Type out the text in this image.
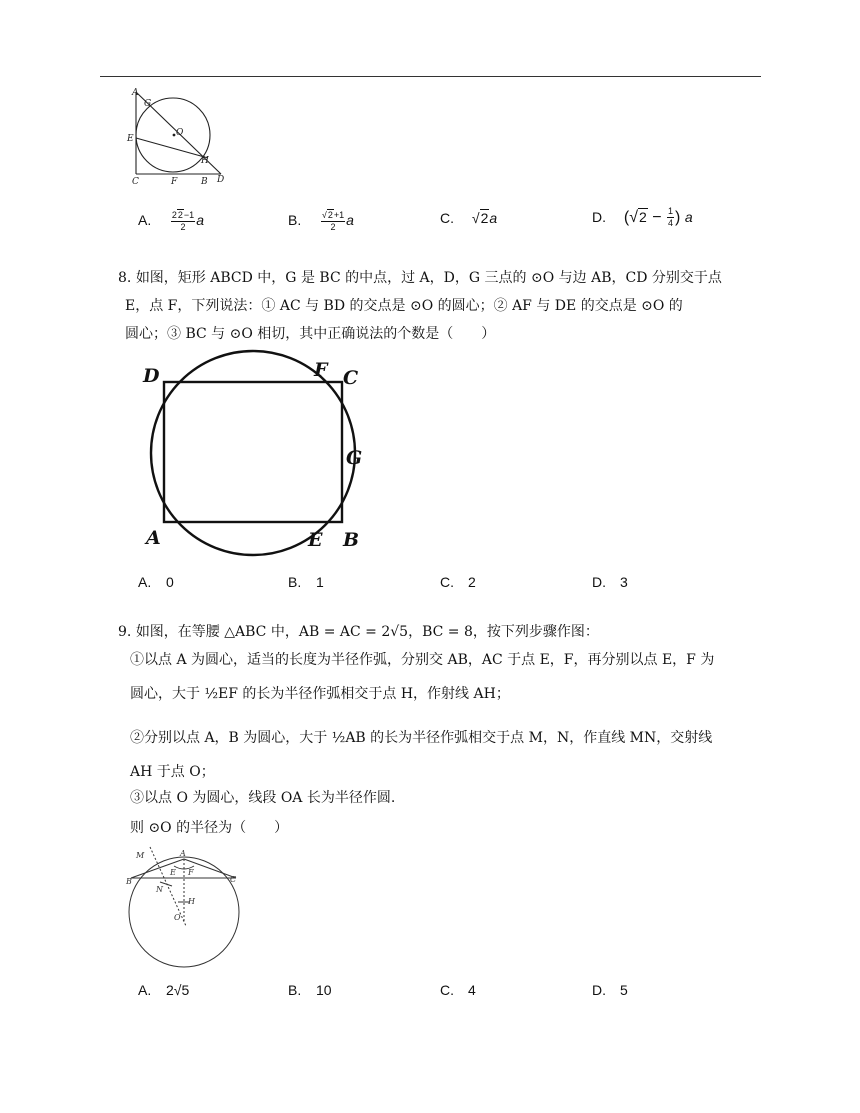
A
G
O
E
H
C	F	B D
A. $\frac{22-1}{2}$ a	B. $\frac{√2+1}{2}$ a	C. √2a	D. ($√2 - \frac{1}{4}$ ) a
8. 如图，矩形 ABCD 中，G 是 BC 的中点，过 A，D，G 三点的 ⊙O 与边 AB，CD 分别交于点
E，点 F，下列说法：① AC 与 BD 的交点是 ⊙O 的圆心；② AF 与 DE 的交点是 ⊙O 的
圆心；③ BC 与 ⊙O 相切，其中正确说法的个数是（　　）
D	F C
G
A	E B
A. 0	B. 1	C. 2	D. 3
9. 如图，在等腰 △ABC 中，AB = AC = 2√5，BC = 8，按下列步骤作图：
①以点 A 为圆心，适当的长度为半径作弧，分别交 AB，AC 于点 E，F，再分别以点 E，F 为
圆心，大于 ½EF 的长为半径作弧相交于点 H，作射线 AH；
②分别以点 A，B 为圆心，大于 ½AB 的长为半径作弧相交于点 M，N，作直线 MN，交射线
AH 于点 O；
③以点 O 为圆心，线段 OA 长为半径作圆.
则 ⊙O 的半径为（　　）
M	A
B	C
E F
N
H
O
A. 2√5	B. 10	C. 4	D. 5
